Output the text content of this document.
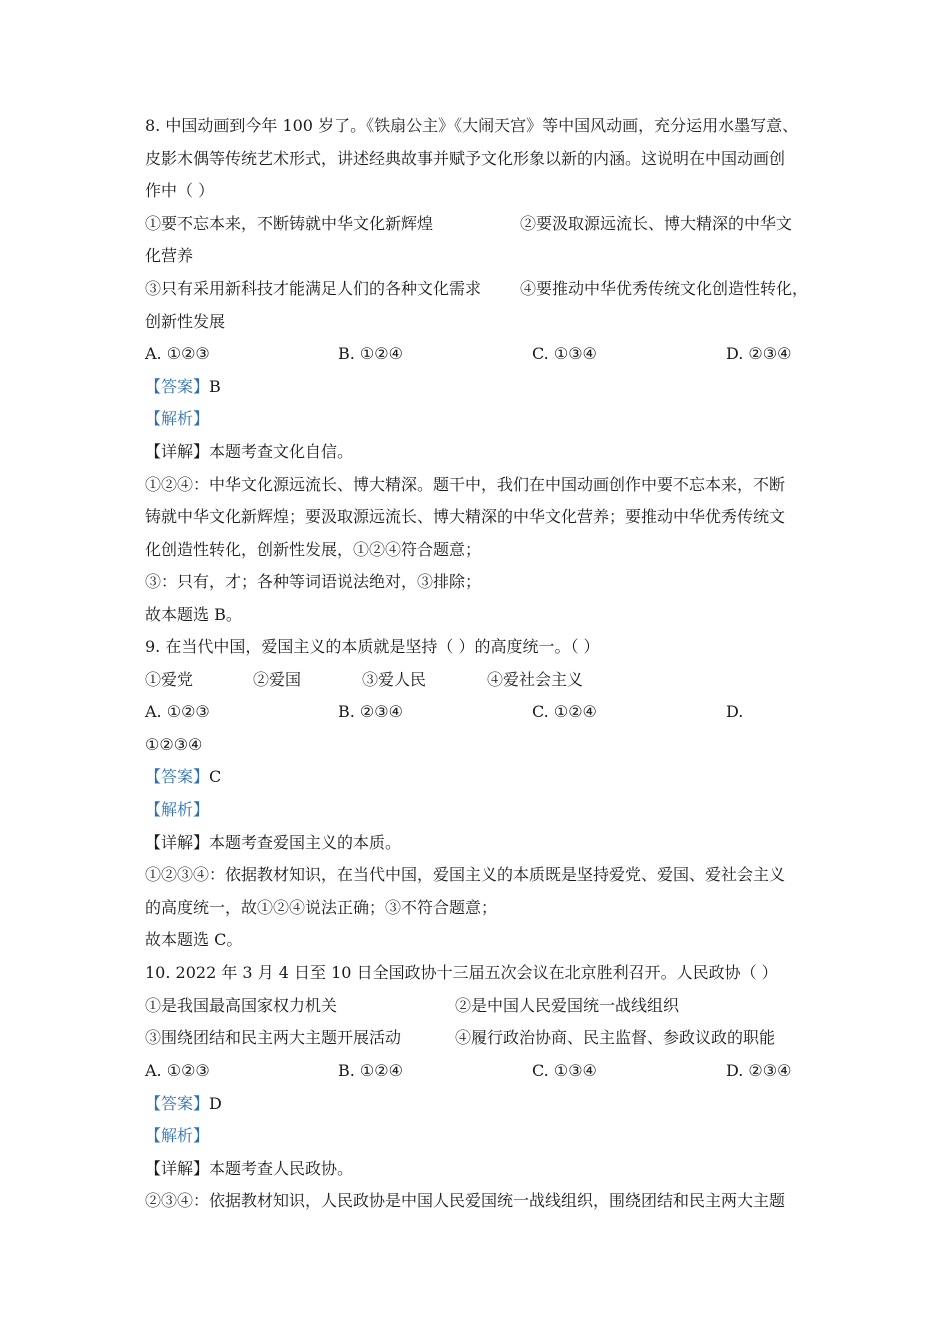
8. 中国动画到今年 100 岁了。《铁扇公主》《大闹天宫》等中国风动画，充分运用水墨写意、
皮影木偶等传统艺术形式，讲述经典故事并赋予文化形象以新的内涵。这说明在中国动画创
作中（ ）
①要不忘本来，不断铸就中华文化新辉煌	②要汲取源远流长、博大精深的中华文
化营养
③只有采用新科技才能满足人们的各种文化需求 ④要推动中华优秀传统文化创造性转化，
创新性发展
A. ①②③	B. ①②④	C. ①③④	D. ②③④
【答案】B
【解析】
【详解】本题考查文化自信。
①②④：中华文化源远流长、博大精深。题干中，我们在中国动画创作中要不忘本来，不断
铸就中华文化新辉煌；要汲取源远流长、博大精深的中华文化营养；要推动中华优秀传统文
化创造性转化，创新性发展，①②④符合题意；
③：只有，才；各种等词语说法绝对，③排除；
故本题选 B。
9. 在当代中国，爱国主义的本质就是坚持（ ）的高度统一。（ ）
①爱党	②爱国	③爱人民	④爱社会主义
A. ①②③	B. ②③④	C. ①②④	D.
①②③④
【答案】C
【解析】
【详解】本题考查爱国主义的本质。
①②③④：依据教材知识，在当代中国，爱国主义的本质既是坚持爱党、爱国、爱社会主义
的高度统一，故①②④说法正确；③不符合题意；
故本题选 C。
10. 2022 年 3 月 4 日至 10 日全国政协十三届五次会议在北京胜利召开。人民政协（ ）
①是我国最高国家权力机关	②是中国人民爱国统一战线组织
③围绕团结和民主两大主题开展活动	④履行政治协商、民主监督、参政议政的职能
A. ①②③	B. ①②④	C. ①③④	D. ②③④
【答案】D
【解析】
【详解】本题考查人民政协。
②③④：依据教材知识，人民政协是中国人民爱国统一战线组织，围绕团结和民主两大主题
